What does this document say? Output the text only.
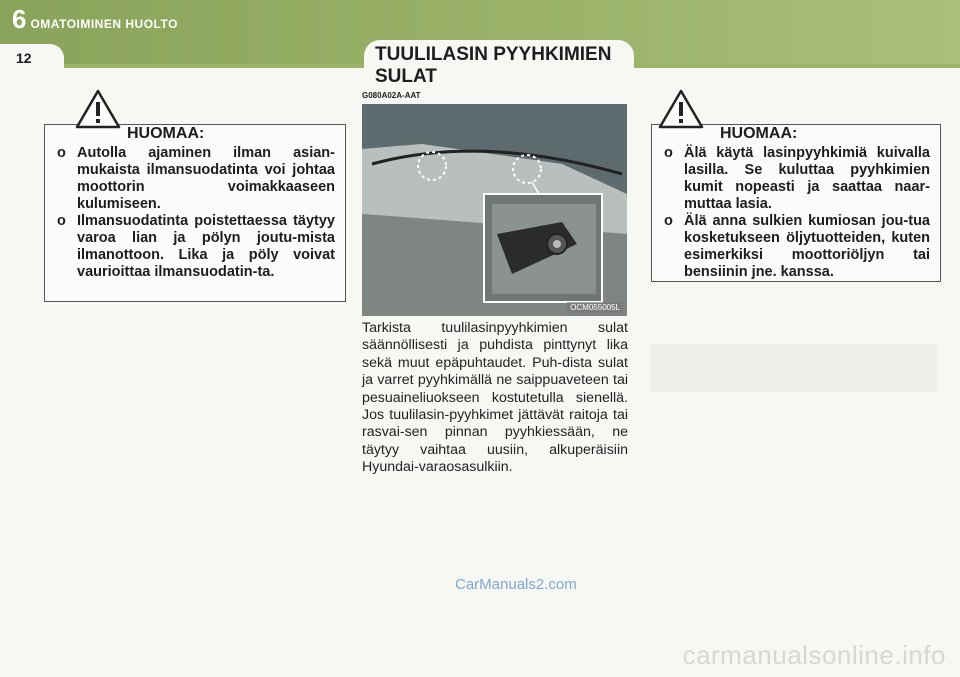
6 OMATOIMINEN HUOLTO
12	TUULILASIN PYYHKIMIEN
SULAT
G080A02A-AAT
HUOMAA:
o Autolla ajaminen ilman asian-mukaista ilmansuodatinta voi johtaa moottorin voimakkaaseen kulumiseen.
o Ilmansuodatinta poistettaessa täytyy varoa lian ja pölyn joutu-mista ilmanottoon. Lika ja pöly voivat vaurioittaa ilmansuodatin-ta.
OCM055005L
Tarkista tuulilasinpyyhkimien sulat säännöllisesti ja puhdista pinttynyt lika sekä muut epäpuhtaudet. Puh-dista sulat ja varret pyyhkimällä ne saippuaveteen tai pesuaineliuokseen kostutetulla sienellä. Jos tuulilasin-pyyhkimet jättävät raitoja tai rasvai-sen pinnan pyyhkiessään, ne täytyy vaihtaa uusiin, alkuperäisiin Hyundai-varaosasulkiin.
HUOMAA:
o Älä käytä lasinpyyhkimiä kuivalla lasilla. Se kuluttaa pyyhkimien kumit nopeasti ja saattaa naar-muttaa lasia.
o Älä anna sulkien kumiosan jou-tua kosketukseen öljytuotteiden, kuten esimerkiksi moottoriöljyn tai bensiinin jne. kanssa.
CarManuals2.com
carmanualsonline.info
